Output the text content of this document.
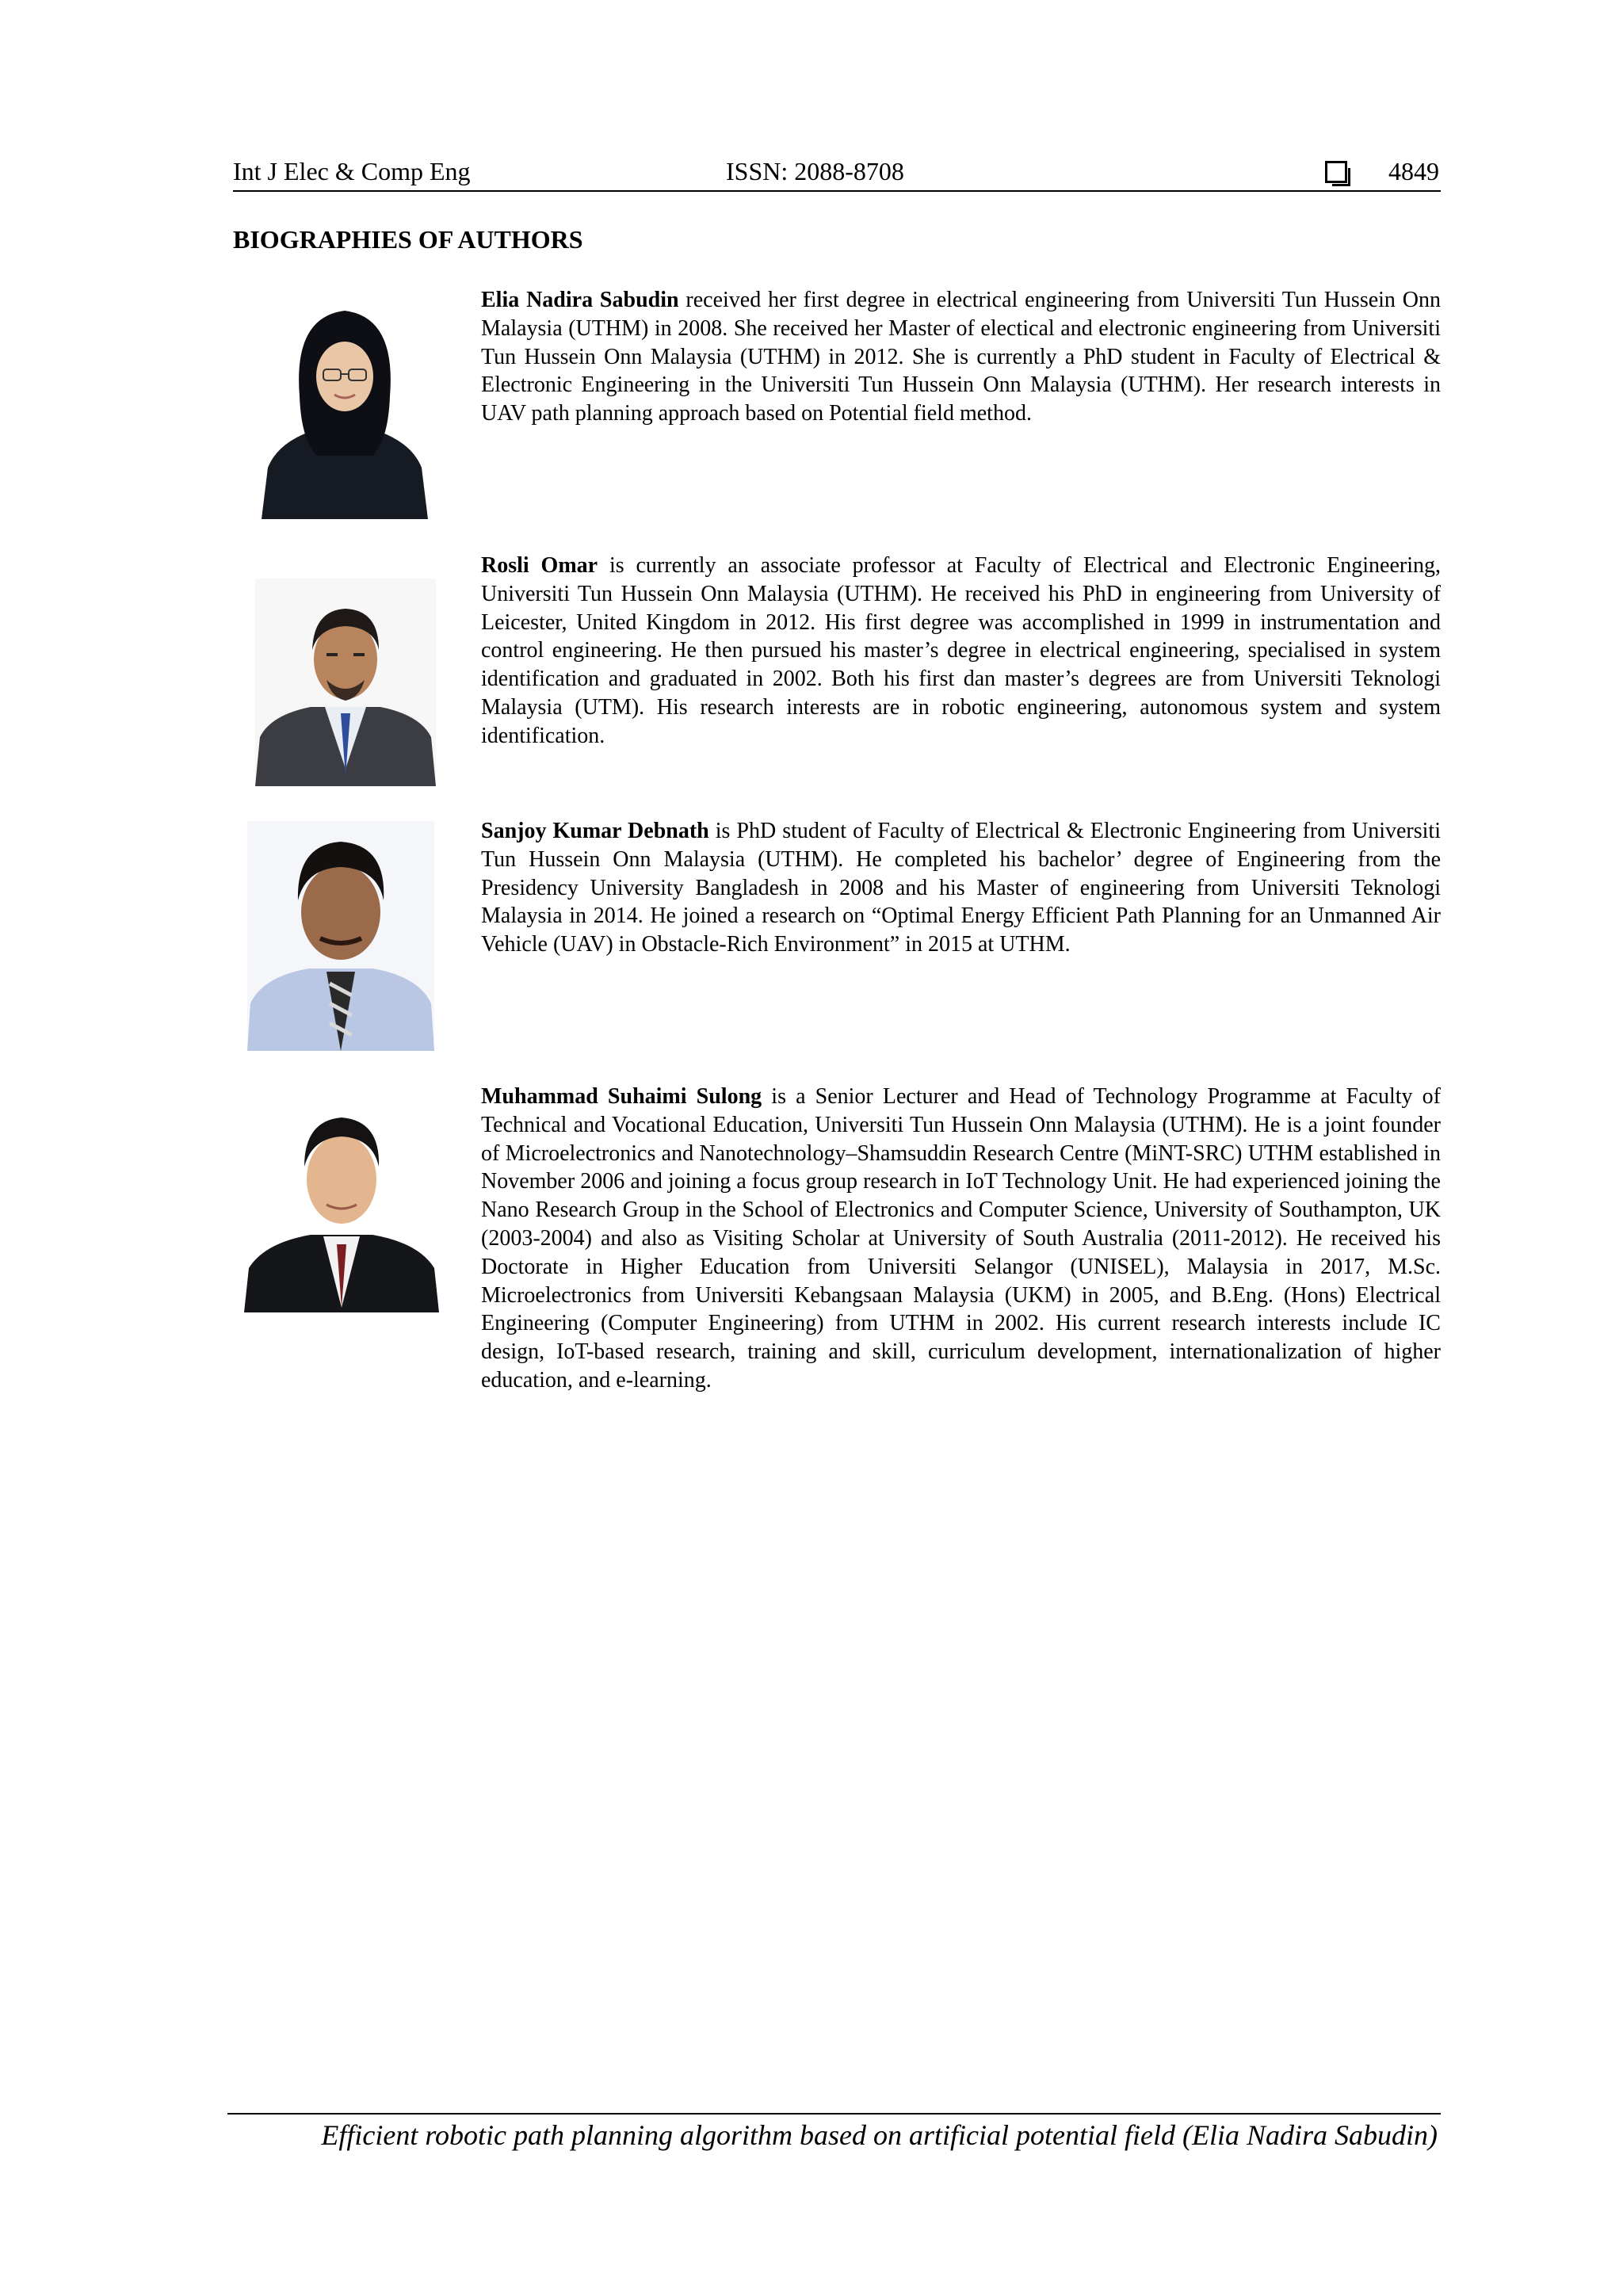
Int J Elec & Comp Eng	ISSN: 2088-8708	4849
BIOGRAPHIES OF AUTHORS
Elia Nadira Sabudin received her first degree in electrical engineering from Universiti Tun Hussein Onn Malaysia (UTHM) in 2008. She received her Master of electical and electronic engineering from Universiti Tun Hussein Onn Malaysia (UTHM) in 2012. She is currently a PhD student in Faculty of Electrical & Electronic Engineering in the Universiti Tun Hussein Onn Malaysia (UTHM). Her research interests in UAV path planning approach based on Potential field method.
Rosli Omar is currently an associate professor at Faculty of Electrical and Electronic Engineering, Universiti Tun Hussein Onn Malaysia (UTHM). He received his PhD in engineering from University of Leicester, United Kingdom in 2012. His first degree was accomplished in 1999 in instrumentation and control engineering. He then pursued his master’s degree in electrical engineering, specialised in system identification and graduated in 2002. Both his first dan master’s degrees are from Universiti Teknologi Malaysia (UTM). His research interests are in robotic engineering, autonomous system and system identification.
Sanjoy Kumar Debnath is PhD student of Faculty of Electrical & Electronic Engineering from Universiti Tun Hussein Onn Malaysia (UTHM). He completed his bachelor’ degree of Engineering from the Presidency University Bangladesh in 2008 and his Master of engineering from Universiti Teknologi Malaysia in 2014. He joined a research on “Optimal Energy Efficient Path Planning for an Unmanned Air Vehicle (UAV) in Obstacle-Rich Environment” in 2015 at UTHM.
Muhammad Suhaimi Sulong is a Senior Lecturer and Head of Technology Programme at Faculty of Technical and Vocational Education, Universiti Tun Hussein Onn Malaysia (UTHM). He is a joint founder of Microelectronics and Nanotechnology–Shamsuddin Research Centre (MiNT-SRC) UTHM established in November 2006 and joining a focus group research in IoT Technology Unit. He had experienced joining the Nano Research Group in the School of Electronics and Computer Science, University of Southampton, UK (2003-2004) and also as Visiting Scholar at University of South Australia (2011-2012). He received his Doctorate in Higher Education from Universiti Selangor (UNISEL), Malaysia in 2017, M.Sc. Microelectronics from Universiti Kebangsaan Malaysia (UKM) in 2005, and B.Eng. (Hons) Electrical Engineering (Computer Engineering) from UTHM in 2002. His current research interests include IC design, IoT-based research, training and skill, curriculum development, internationalization of higher education, and e-learning.
Efficient robotic path planning algorithm based on artificial potential field (Elia Nadira Sabudin)
